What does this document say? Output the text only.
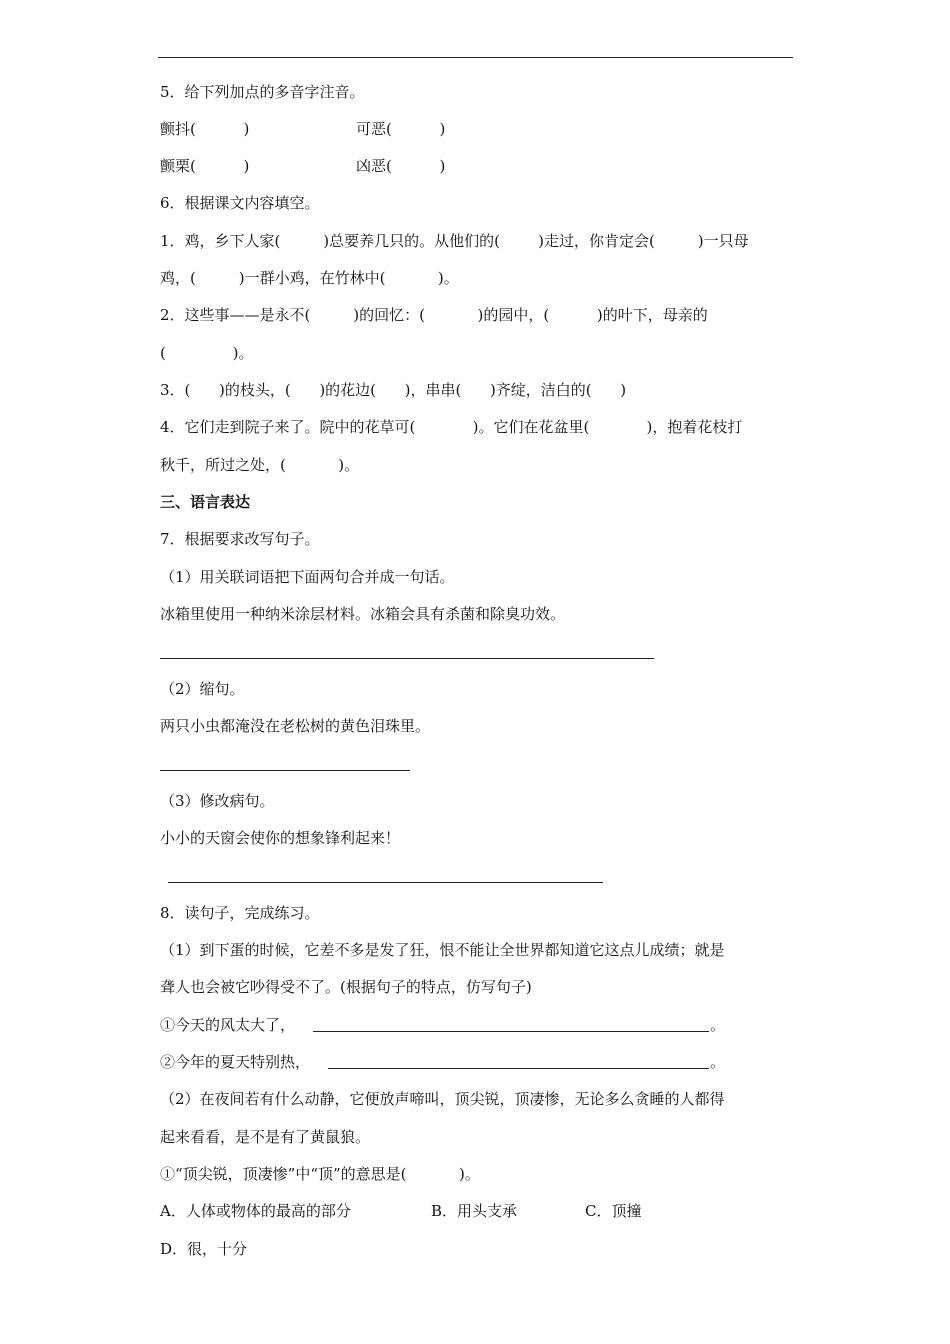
5．给下列加点的多音字注音。
颤抖(          )	可恶(          )
颤栗(          )	凶恶(          )
6．根据课文内容填空。
1．鸡，乡下人家(         )总要养几只的。从他们的(        )走过，你肯定会(         )一只母
鸡，(         )一群小鸡，在竹林中(           )。
2．这些事——是永不(         )的回忆：(           )的园中，(          )的叶下，母亲的
(              )。
3．(      )的枝头，(      )的花边(      )，串串(      )齐绽，洁白的(      )
4．它们走到院子来了。院中的花草可(            )。它们在花盆里(            )，抱着花枝打
秋千，所过之处，(           )。
三、语言表达
7．根据要求改写句子。
（1）用关联词语把下面两句合并成一句话。
冰箱里使用一种纳米涂层材料。冰箱会具有杀菌和除臭功效。
（2）缩句。
两只小虫都淹没在老松树的黄色泪珠里。
（3）修改病句。
小小的天窗会使你的想象锋利起来！
8．读句子，完成练习。
（1）到下蛋的时候，它差不多是发了狂，恨不能让全世界都知道它这点儿成绩；就是
聋人也会被它吵得受不了。(根据句子的特点，仿写句子)
①今天的风太大了，	。
②今年的夏天特别热，	。
（2）在夜间若有什么动静，它便放声啼叫，顶尖锐，顶凄惨，无论多么贪睡的人都得
起来看看，是不是有了黄鼠狼。
①“顶尖锐，顶凄惨”中“顶”的意思是(           )。
A．人体或物体的最高的部分	B．用头支承	C．顶撞
D．很，十分
